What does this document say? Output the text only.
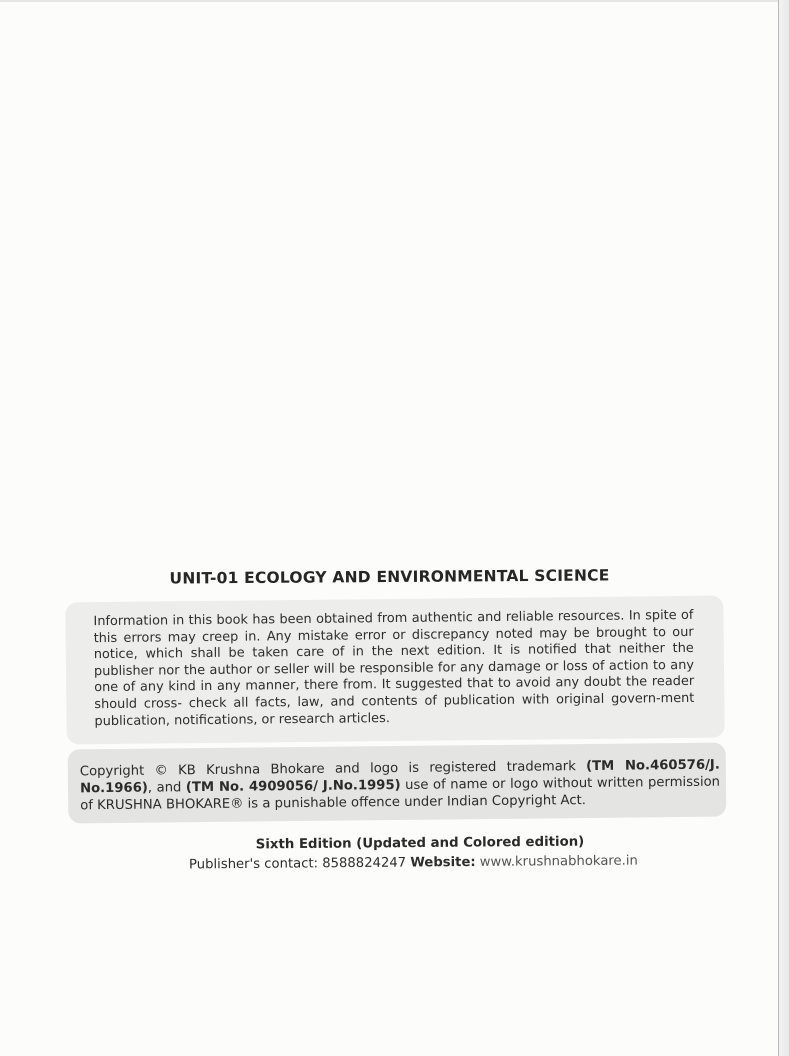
UNIT-01 ECOLOGY AND ENVIRONMENTAL SCIENCE
Information in this book has been obtained from authentic and reliable resources. In spite of this errors may creep in. Any mistake error or discrepancy noted may be brought to our notice, which shall be taken care of in the next edition. It is notified that neither the publisher nor the author or seller will be responsible for any damage or loss of action to any one of any kind in any manner, there from. It suggested that to avoid any doubt the reader should cross- check all facts, law, and contents of publication with original govern-ment publication, notifications, or research articles.
Copyright © KB Krushna Bhokare and logo is registered trademark (TM No.460576/J. No.1966), and (TM No. 4909056/ J.No.1995) use of name or logo without written permission of KRUSHNA BHOKARE® is a punishable offence under Indian Copyright Act.
Sixth Edition (Updated and Colored edition)
Publisher's contact: 8588824247 Website: www.krushnabhokare.in
